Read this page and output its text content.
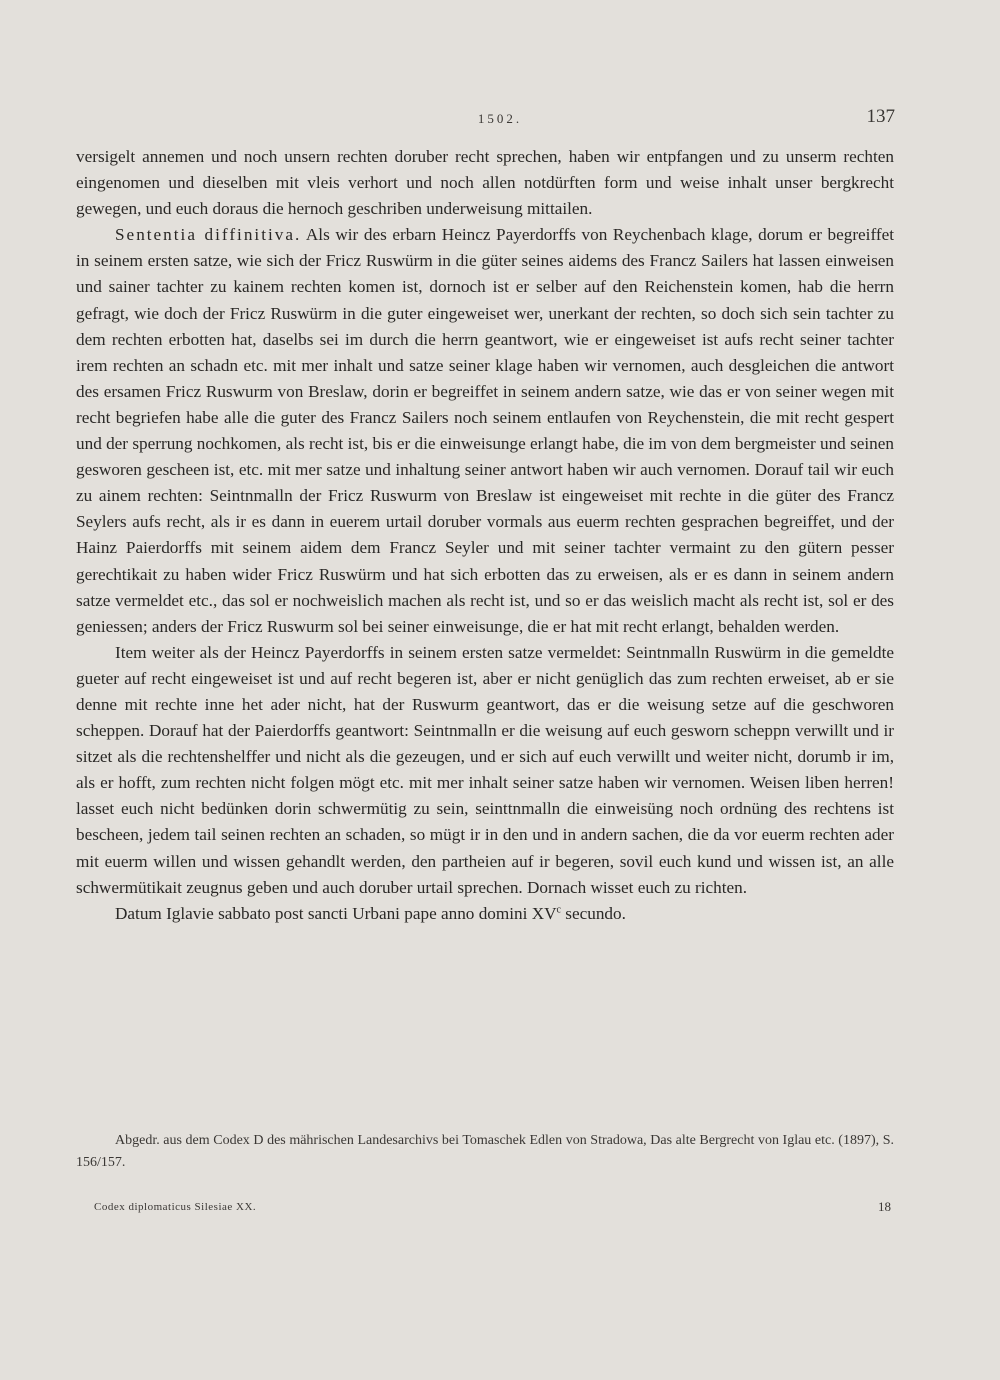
1502.	137

versigelt annemen und noch unsern rechten doruber recht sprechen, haben wir entpfangen und zu unserm rechten eingenomen und dieselben mit vleis verhort und noch allen notdürften form und weise inhalt unser bergkrecht gewegen, und euch doraus die hernoch geschriben underweisung mittailen.

Sententia diffinitiva. Als wir des erbarn Heincz Payerdorffs von Reychenbach klage, dorum er begreiffet in seinem ersten satze, wie sich der Fricz Ruswürm in die güter seines aidems des Francz Sailers hat lassen einweisen und sainer tachter zu kainem rechten komen ist, dornoch ist er selber auf den Reichenstein komen, hab die herrn gefragt, wie doch der Fricz Ruswürm in die guter eingeweiset wer, unerkant der rechten, so doch sich sein tachter zu dem rechten erbotten hat, daselbs sei im durch die herrn geantwort, wie er eingeweiset ist aufs recht seiner tachter irem rechten an schadn etc. mit mer inhalt und satze seiner klage haben wir vernomen, auch desgleichen die antwort des ersamen Fricz Ruswurm von Breslaw, dorin er begreiffet in seinem andern satze, wie das er von seiner wegen mit recht begriefen habe alle die guter des Francz Sailers noch seinem entlaufen von Reychenstein, die mit recht gespert und der sperrung nochkomen, als recht ist, bis er die einweisunge erlangt habe, die im von dem bergmeister und seinen gesworen gescheen ist, etc. mit mer satze und inhaltung seiner antwort haben wir auch vernomen. Dorauf tail wir euch zu ainem rechten: Seintnmalln der Fricz Ruswurm von Breslaw ist eingeweiset mit rechte in die güter des Francz Seylers aufs recht, als ir es dann in euerem urtail doruber vormals aus euerm rechten gesprachen begreiffet, und der Hainz Paierdorffs mit seinem aidem dem Francz Seyler und mit seiner tachter vermaint zu den gütern pesser gerechtikait zu haben wider Fricz Ruswürm und hat sich erbotten das zu erweisen, als er es dann in seinem andern satze vermeldet etc., das sol er nochweislich machen als recht ist, und so er das weislich macht als recht ist, sol er des geniessen; anders der Fricz Ruswurm sol bei seiner einweisunge, die er hat mit recht erlangt, behalden werden.

Item weiter als der Heincz Payerdorffs in seinem ersten satze vermeldet: Seintnmalln Ruswürm in die gemeldte gueter auf recht eingeweiset ist und auf recht begeren ist, aber er nicht genüglich das zum rechten erweiset, ab er sie denne mit rechte inne het ader nicht, hat der Ruswurm geantwort, das er die weisung setze auf die geschworen scheppen. Dorauf hat der Paierdorffs geantwort: Seintnmalln er die weisung auf euch gesworn scheppn verwillt und ir sitzet als die rechtenshelffer und nicht als die gezeugen, und er sich auf euch verwillt und weiter nicht, dorumb ir im, als er hofft, zum rechten nicht folgen mögt etc. mit mer inhalt seiner satze haben wir vernomen. Weisen liben herren! lasset euch nicht bedünken dorin schwermütig zu sein, seinttnmalln die einweisüng noch ordnüng des rechtens ist bescheen, jedem tail seinen rechten an schaden, so mügt ir in den und in andern sachen, die da vor euerm rechten ader mit euerm willen und wissen gehandlt werden, den partheien auf ir begeren, sovil euch kund und wissen ist, an alle schwermütikait zeugnus geben und auch doruber urtail sprechen. Dornach wisset euch zu richten.

Datum Iglavie sabbato post sancti Urbani pape anno domini $XV^c$ secundo.

Abgedr. aus dem Codex D des mährischen Landesarchivs bei Tomaschek Edlen von Stradowa, Das alte Bergrecht von Iglau etc. (1897), S. 156/157.

Codex diplomaticus Silesiae XX.	18
